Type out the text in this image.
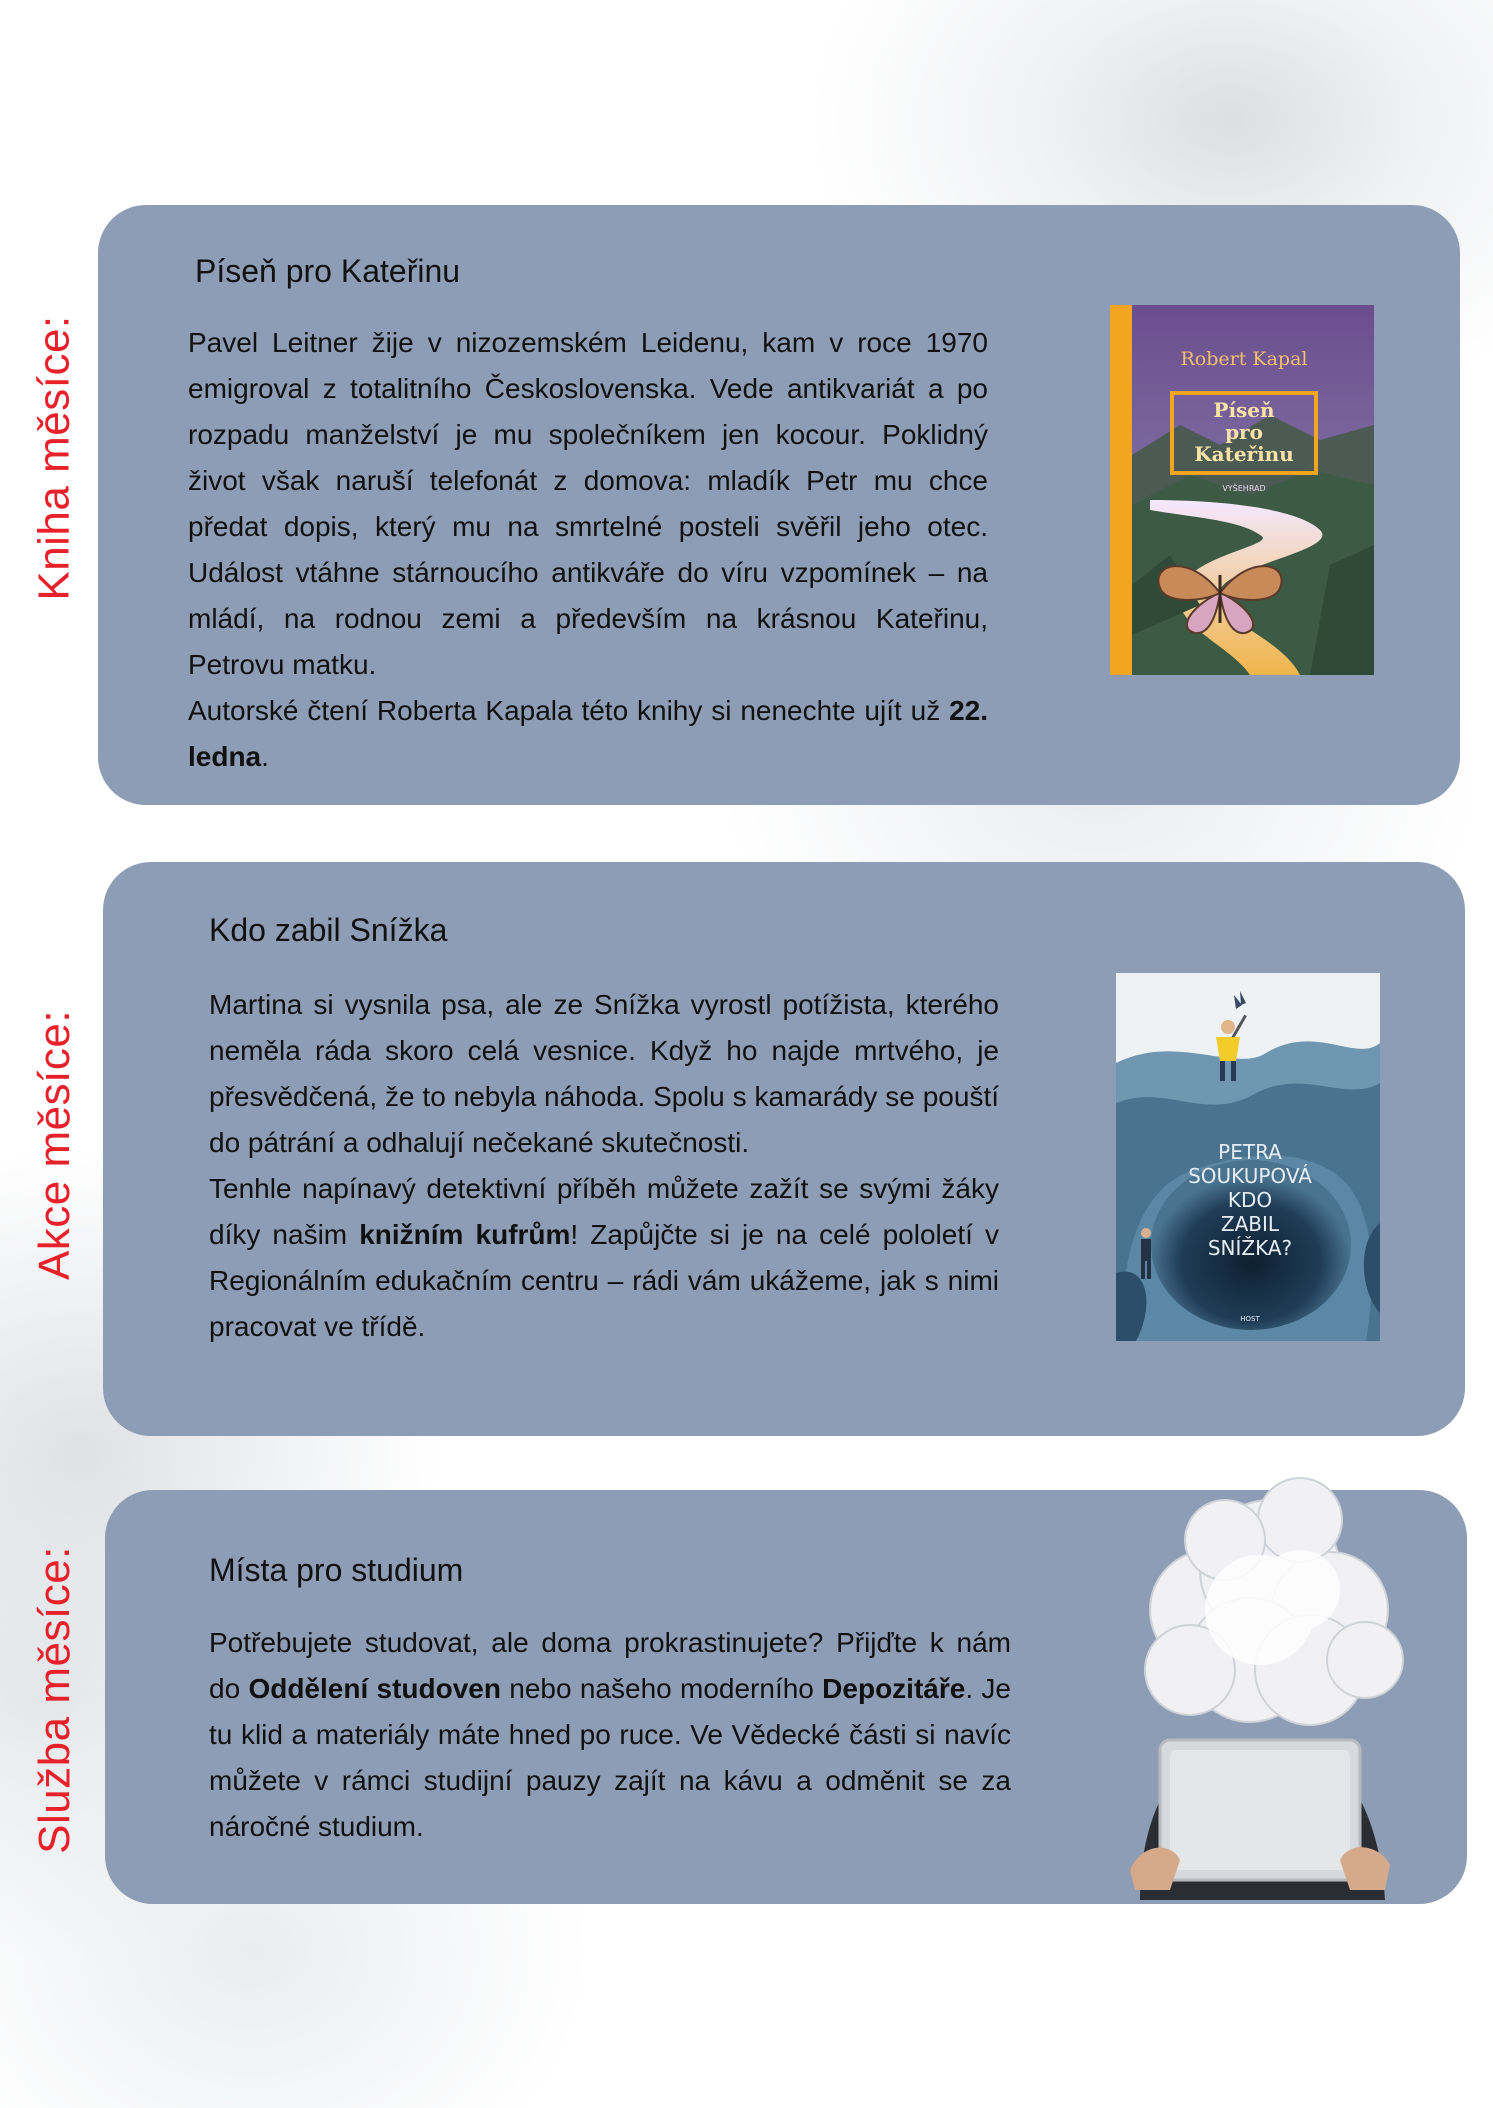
Kniha měsíce:
Píseň pro Kateřinu

Pavel Leitner žije v nizozemském Leidenu, kam v roce 1970 emigroval z totalitního Československa. Vede antikvariát a po rozpadu manželství je mu společníkem jen kocour. Poklidný život však naruší telefonát z domova: mladík Petr mu chce předat dopis, který mu na smrtelné posteli svěřil jeho otec. Událost vtáhne stárnoucího antikváře do víru vzpomínek – na mládí, na rodnou zemi a především na krásnou Kateřinu, Petrovu matku.

Autorské čtení Roberta Kapala této knihy si nenechte ujít už 22. ledna.

Robert Kapal
Píseň
pro
Kateřinu
VYŠEHRAD
Akce měsíce:
Kdo zabil Snížka

Martina si vysnila psa, ale ze Snížka vyrostl potížista, kterého neměla ráda skoro celá vesnice. Když ho najde mrtvého, je přesvědčená, že to nebyla náhoda. Spolu s kamarády se pouští do pátrání a odhalují nečekané skutečnosti.

Tenhle napínavý detektivní příběh můžete zažít se svými žáky díky našim knižním kufrům! Zapůjčte si je na celé pololetí v Regionálním edukačním centru – rádi vám ukážeme, jak s nimi pracovat ve třídě.

PETRA
SOUKUPOVÁ
KDO
ZABIL
SNÍŽKA?
HOST
Služba měsíce:	Místa pro studium

Potřebujete studovat, ale doma prokrastinujete? Přijďte k nám do Oddělení studoven nebo našeho moderního Depozitáře. Je tu klid a materiály máte hned po ruce. Ve Vědecké části si navíc můžete v rámci studijní pauzy zajít na kávu a odměnit se za náročné studium.
